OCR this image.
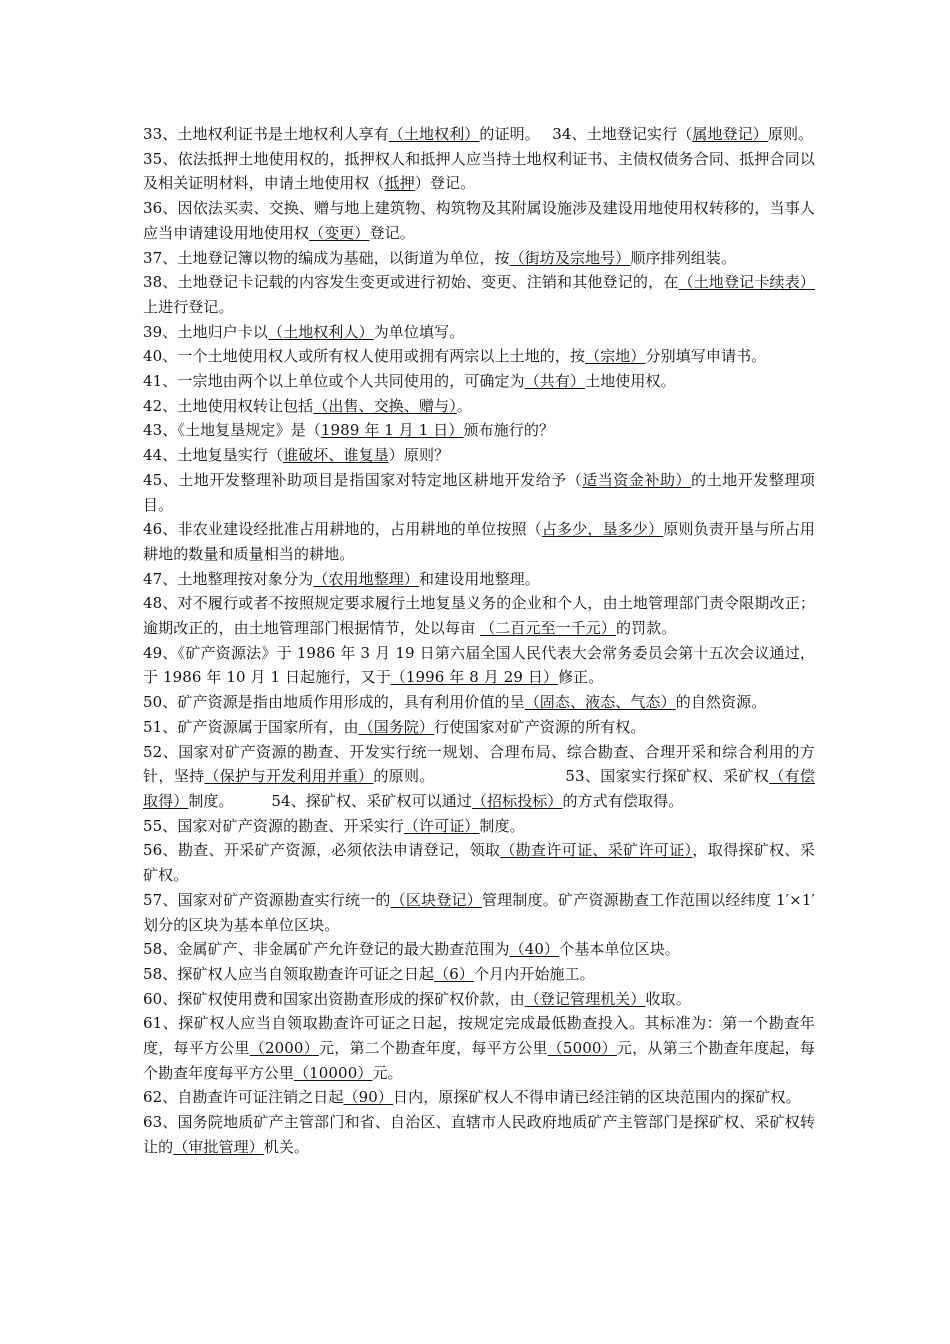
33、土地权利证书是土地权利人享有（土地权利）的证明。　 34、土地登记实行（属地登记）原则。

35、依法抵押土地使用权的，抵押权人和抵押人应当持土地权利证书、主债权债务合同、抵押合同以及相关证明材料，申请土地使用权（抵押）登记。

36、因依法买卖、交换、赠与地上建筑物、构筑物及其附属设施涉及建设用地使用权转移的，当事人应当申请建设用地使用权（变更）登记。

37、土地登记簿以物的编成为基础，以街道为单位，按（街坊及宗地号）顺序排列组装。

38、土地登记卡记载的内容发生变更或进行初始、变更、注销和其他登记的，在（土地登记卡续表）上进行登记。

39、土地归户卡以（土地权利人）为单位填写。

40、一个土地使用权人或所有权人使用或拥有两宗以上土地的，按（宗地）分别填写申请书。

41、一宗地由两个以上单位或个人共同使用的，可确定为（共有）土地使用权。

42、土地使用权转让包括（出售、交换、赠与）。

43、《土地复垦规定》是（1989 年 1 月 1 日）颁布施行的？

44、土地复垦实行（谁破坏、谁复垦）原则？

45、土地开发整理补助项目是指国家对特定地区耕地开发给予（适当资金补助）的土地开发整理项目。

46、非农业建设经批准占用耕地的，占用耕地的单位按照（占多少，垦多少）原则负责开垦与所占用耕地的数量和质量相当的耕地。

47、土地整理按对象分为（农用地整理）和建设用地整理。

48、对不履行或者不按照规定要求履行土地复垦义务的企业和个人，由土地管理部门责令限期改正；逾期改正的，由土地管理部门根据情节，处以每亩 （二百元至一千元）的罚款。

49、《矿产资源法》于 1986 年 3 月 19 日第六届全国人民代表大会常务委员会第十五次会议通过，于 1986 年 10 月 1 日起施行，又于（1996 年 8 月 29 日）修正。

50、矿产资源是指由地质作用形成的，具有利用价值的呈（固态、液态、气态）的自然资源。

51、矿产资源属于国家所有，由（国务院）行使国家对矿产资源的所有权。

52、国家对矿产资源的勘查、开发实行统一规划、合理布局、综合勘查、合理开采和综合利用的方针，坚持（保护与开发利用并重）的原则。　　　　　　　　　53、国家实行探矿权、采矿权（有偿取得）制度。　　　54、探矿权、采矿权可以通过（招标投标）的方式有偿取得。

55、国家对矿产资源的勘查、开采实行（许可证）制度。

56、勘查、开采矿产资源，必须依法申请登记，领取（勘查许可证、采矿许可证），取得探矿权、采矿权。

57、国家对矿产资源勘查实行统一的（区块登记）管理制度。矿产资源勘查工作范围以经纬度 1′×1′划分的区块为基本单位区块。

58、金属矿产、非金属矿产允许登记的最大勘查范围为（40）个基本单位区块。

58、探矿权人应当自领取勘查许可证之日起（6）个月内开始施工。

60、探矿权使用费和国家出资勘查形成的探矿权价款，由（登记管理机关）收取。

61、探矿权人应当自领取勘查许可证之日起，按规定完成最低勘查投入。其标准为：第一个勘查年度，每平方公里（2000）元，第二个勘查年度，每平方公里（5000）元，从第三个勘查年度起，每个勘查年度每平方公里（10000）元。

62、自勘查许可证注销之日起（90）日内，原探矿权人不得申请已经注销的区块范围内的探矿权。

63、国务院地质矿产主管部门和省、自治区、直辖市人民政府地质矿产主管部门是探矿权、采矿权转让的（审批管理）机关。
